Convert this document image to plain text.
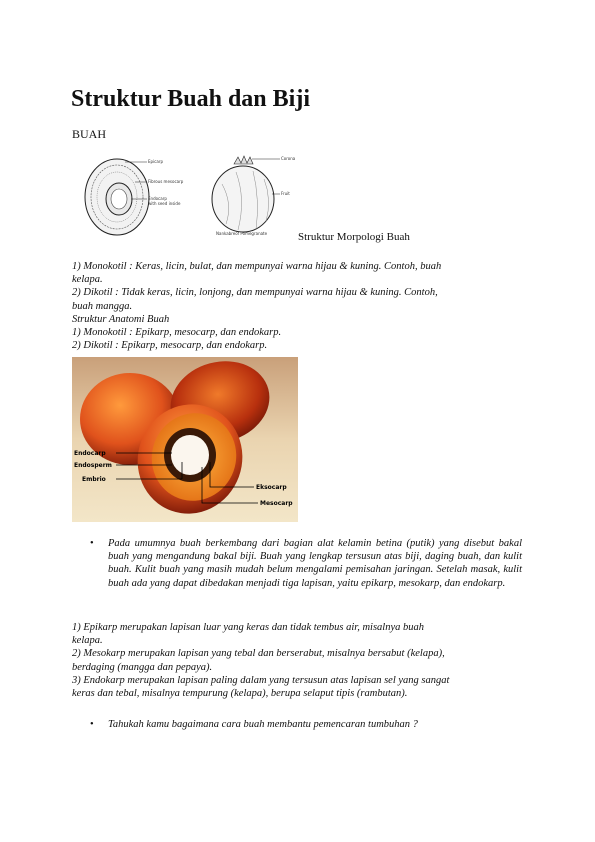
Struktur Buah dan Biji
BUAH
Epicarp
Fibrous mesocarp
Endocarp
with seed inside
Corona
Fruit
Nankabreof Pomegranate	Struktur Morpologi Buah

1) Monokotil : Keras, licin, bulat, dan mempunyai warna hijau & kuning. Contoh, buah

kelapa.

2) Dikotil : Tidak keras, licin, lonjong, dan mempunyai warna hijau & kuning. Contoh,

buah mangga.

Struktur Anatomi Buah

1) Monokotil : Epikarp, mesocarp, dan endokarp.

2) Dikotil : Epikarp, mesocarp, dan endokarp.

Endocarp
Endosperm
Embrio
Eksocarp
Mesocarp
•	Pada umumnya buah berkembang dari bagian alat kelamin betina (putik) yang disebut bakal buah yang mengandung bakal biji. Buah yang lengkap tersusun atas biji, daging buah, dan kulit buah. Kulit buah yang masih mudah belum mengalami pemisahan jaringan. Setelah masak, kulit buah ada yang dapat dibedakan menjadi tiga lapisan, yaitu epikarp, mesokarp, dan endokarp.

1) Epikarp merupakan lapisan luar yang keras dan tidak tembus air, misalnya buah

kelapa.

2) Mesokarp merupakan lapisan yang tebal dan berserabut, misalnya bersabut (kelapa),

berdaging (mangga dan pepaya).

3) Endokarp merupakan lapisan paling dalam yang tersusun atas lapisan sel yang sangat

keras dan tebal, misalnya tempurung (kelapa), berupa selaput tipis (rambutan).

•	Tahukah kamu bagaimana cara buah membantu pemencaran tumbuhan ?
